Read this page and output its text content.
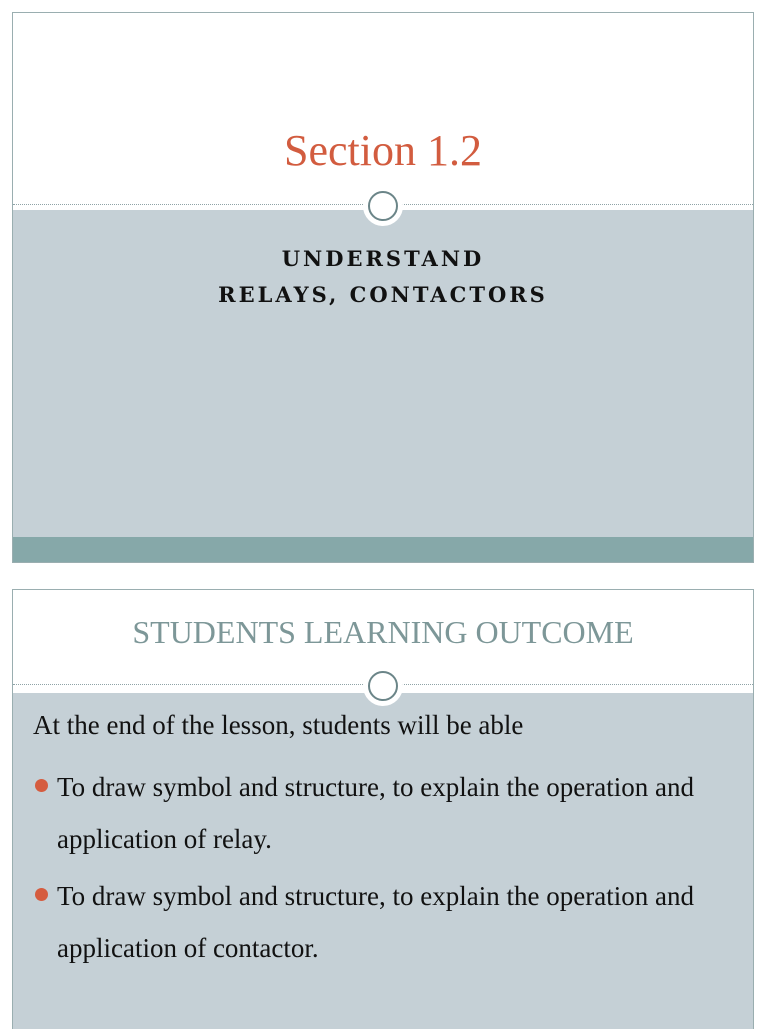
Section 1.2
UNDERSTAND
RELAYS, CONTACTORS
STUDENTS LEARNING OUTCOME
At the end of the lesson, students will be able
To draw symbol and structure, to explain the operation and application of relay.
To draw symbol and structure, to explain the operation and application of contactor.
